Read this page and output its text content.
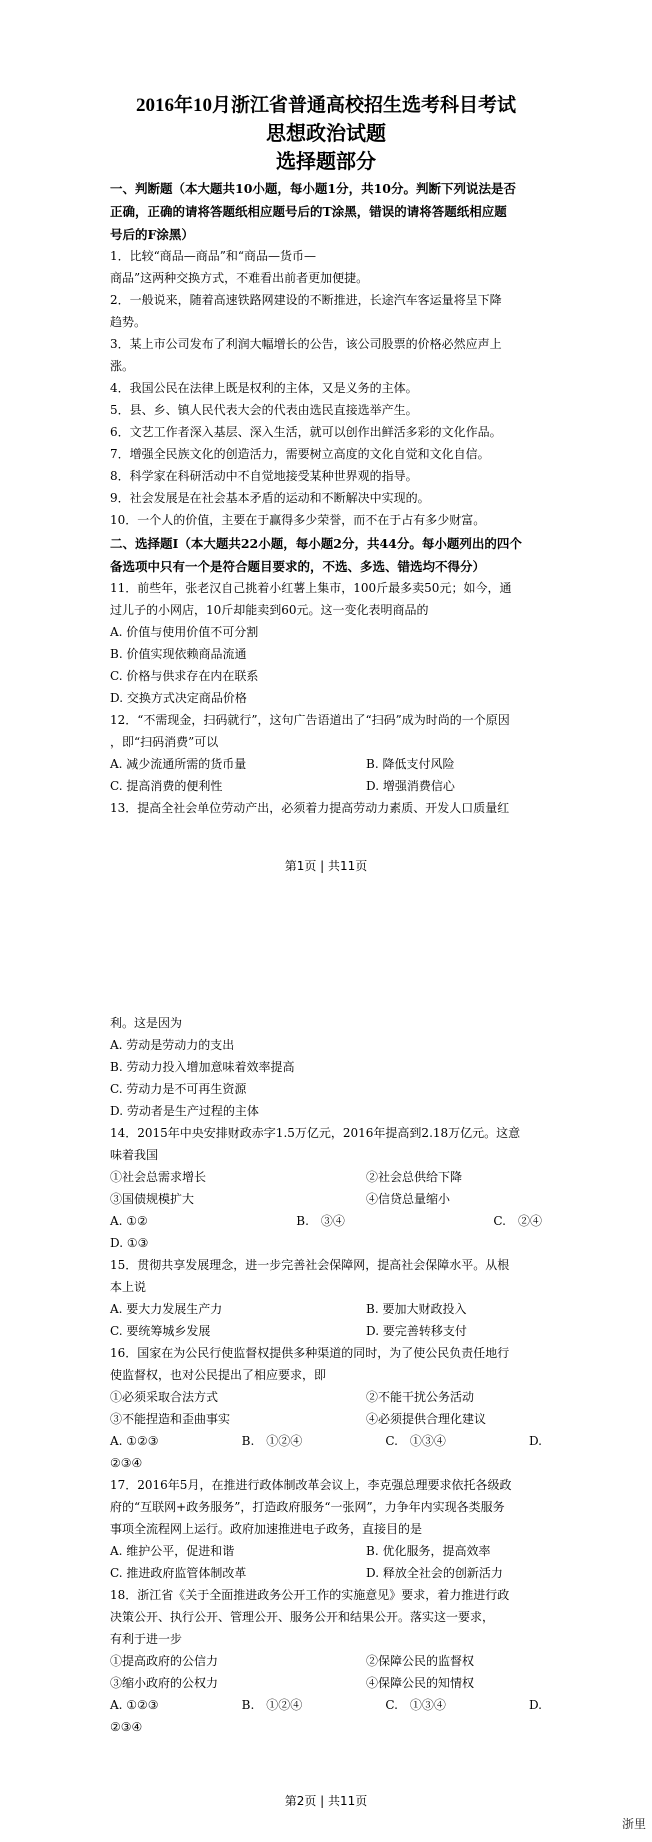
2016年10月浙江省普通高校招生选考科目考试
思想政治试题
选择题部分
一、判断题（本大题共10小题，每小题1分，共10分。判断下列说法是否
正确，正确的请将答题纸相应题号后的T涂黑，错误的请将答题纸相应题
号后的F涂黑）
1．比较“商品—商品”和“商品—货币—
商品”这两种交换方式，不难看出前者更加便捷。
2．一般说来，随着高速铁路网建设的不断推进，长途汽车客运量将呈下降
趋势。
3．某上市公司发布了利润大幅增长的公告，该公司股票的价格必然应声上
涨。
4．我国公民在法律上既是权利的主体，又是义务的主体。
5．县、乡、镇人民代表大会的代表由选民直接选举产生。
6．文艺工作者深入基层、深入生活，就可以创作出鲜活多彩的文化作品。
7．增强全民族文化的创造活力，需要树立高度的文化自觉和文化自信。
8．科学家在科研活动中不自觉地接受某种世界观的指导。
9．社会发展是在社会基本矛盾的运动和不断解决中实现的。
10．一个人的价值，主要在于赢得多少荣誉，而不在于占有多少财富。
二、选择题Ⅰ（本大题共22小题，每小题2分，共44分。每小题列出的四个
备选项中只有一个是符合题目要求的，不选、多选、错选均不得分）
11．前些年，张老汉自己挑着小红薯上集市，100斤最多卖50元；如今，通
过儿子的小网店，10斤却能卖到60元。这一变化表明商品的
A. 价值与使用价值不可分割
B. 价值实现依赖商品流通
C. 价格与供求存在内在联系
D. 交换方式决定商品价格
12．“不需现金，扫码就行”，这句广告语道出了“扫码”成为时尚的一个原因
，即“扫码消费”可以
A. 减少流通所需的货币量	B. 降低支付风险
C. 提高消费的便利性	D. 增强消费信心
13．提高全社会单位劳动产出，必须着力提高劳动力素质、开发人口质量红
第1页 | 共11页
利。这是因为
A. 劳动是劳动力的支出
B. 劳动力投入增加意味着效率提高
C. 劳动力是不可再生资源
D. 劳动者是生产过程的主体
14．2015年中央安排财政赤字1.5万亿元，2016年提高到2.18万亿元。这意
味着我国
①社会总需求增长	②社会总供给下降
③国债规模扩大	④信贷总量缩小
A. ①②	B.　③④	C.　②④
D. ①③
15．贯彻共享发展理念，进一步完善社会保障网，提高社会保障水平。从根
本上说
A. 要大力发展生产力	B. 要加大财政投入
C. 要统筹城乡发展	D. 要完善转移支付
16．国家在为公民行使监督权提供多种渠道的同时，为了使公民负责任地行
使监督权，也对公民提出了相应要求，即
①必须采取合法方式	②不能干扰公务活动
③不能捏造和歪曲事实	④必须提供合理化建议
A. ①②③	B.　①②④	C.　①③④	D.
②③④
17．2016年5月，在推进行政体制改革会议上，李克强总理要求依托各级政
府的“互联网+政务服务”，打造政府服务“一张网”，力争年内实现各类服务
事项全流程网上运行。政府加速推进电子政务，直接目的是
A. 维护公平，促进和谐	B. 优化服务，提高效率
C. 推进政府监管体制改革	D. 释放全社会的创新活力
18．浙江省《关于全面推进政务公开工作的实施意见》要求，着力推进行政
决策公开、执行公开、管理公开、服务公开和结果公开。落实这一要求，
有利于进一步
①提高政府的公信力	②保障公民的监督权
③缩小政府的公权力	④保障公民的知情权
A. ①②③	B.　①②④	C.　①③④	D.
②③④
第2页 | 共11页
浙里
